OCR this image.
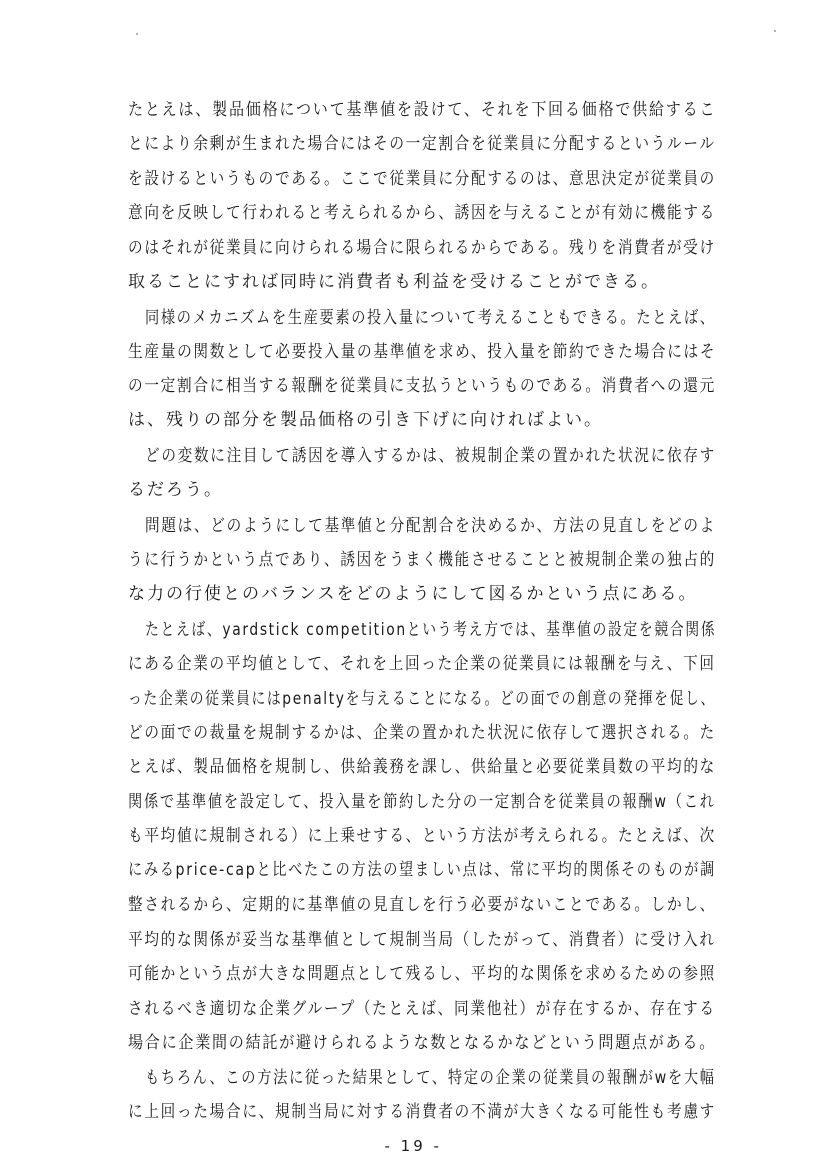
たとえは、製品価格について基準値を設けて、それを下回る価格で供給するこ
とにより余剰が生まれた場合にはその一定割合を従業員に分配するというルール
を設けるというものである。ここで従業員に分配するのは、意思決定が従業員の
意向を反映して行われると考えられるから、誘因を与えることが有効に機能する
のはそれが従業員に向けられる場合に限られるからである。残りを消費者が受け
取ることにすれば同時に消費者も利益を受けることができる。
同様のメカニズムを生産要素の投入量について考えることもできる。たとえば、
生産量の関数として必要投入量の基準値を求め、投入量を節約できた場合にはそ
の一定割合に相当する報酬を従業員に支払うというものである。消費者への還元
は、残りの部分を製品価格の引き下げに向ければよい。
どの変数に注目して誘因を導入するかは、被規制企業の置かれた状況に依存す
るだろう。
問題は、どのようにして基準値と分配割合を決めるか、方法の見直しをどのよ
うに行うかという点であり、誘因をうまく機能させることと被規制企業の独占的
な力の行使とのバランスをどのようにして図るかという点にある。
たとえば、yardstick competitionという考え方では、基準値の設定を競合関係
にある企業の平均値として、それを上回った企業の従業員には報酬を与え、下回
った企業の従業員にはpenaltyを与えることになる。どの面での創意の発揮を促し、
どの面での裁量を規制するかは、企業の置かれた状況に依存して選択される。た
とえば、製品価格を規制し、供給義務を課し、供給量と必要従業員数の平均的な
関係で基準値を設定して、投入量を節約した分の一定割合を従業員の報酬w（これ
も平均値に規制される）に上乗せする、という方法が考えられる。たとえば、次
にみるprice-capと比べたこの方法の望ましい点は、常に平均的関係そのものが調
整されるから、定期的に基準値の見直しを行う必要がないことである。しかし、
平均的な関係が妥当な基準値として規制当局（したがって、消費者）に受け入れ
可能かという点が大きな問題点として残るし、平均的な関係を求めるための参照
されるべき適切な企業グループ（たとえば、同業他社）が存在するか、存在する
場合に企業間の結託が避けられるような数となるかなどという問題点がある。
もちろん、この方法に従った結果として、特定の企業の従業員の報酬がwを大幅
に上回った場合に、規制当局に対する消費者の不満が大きくなる可能性も考慮す
- 19 -
